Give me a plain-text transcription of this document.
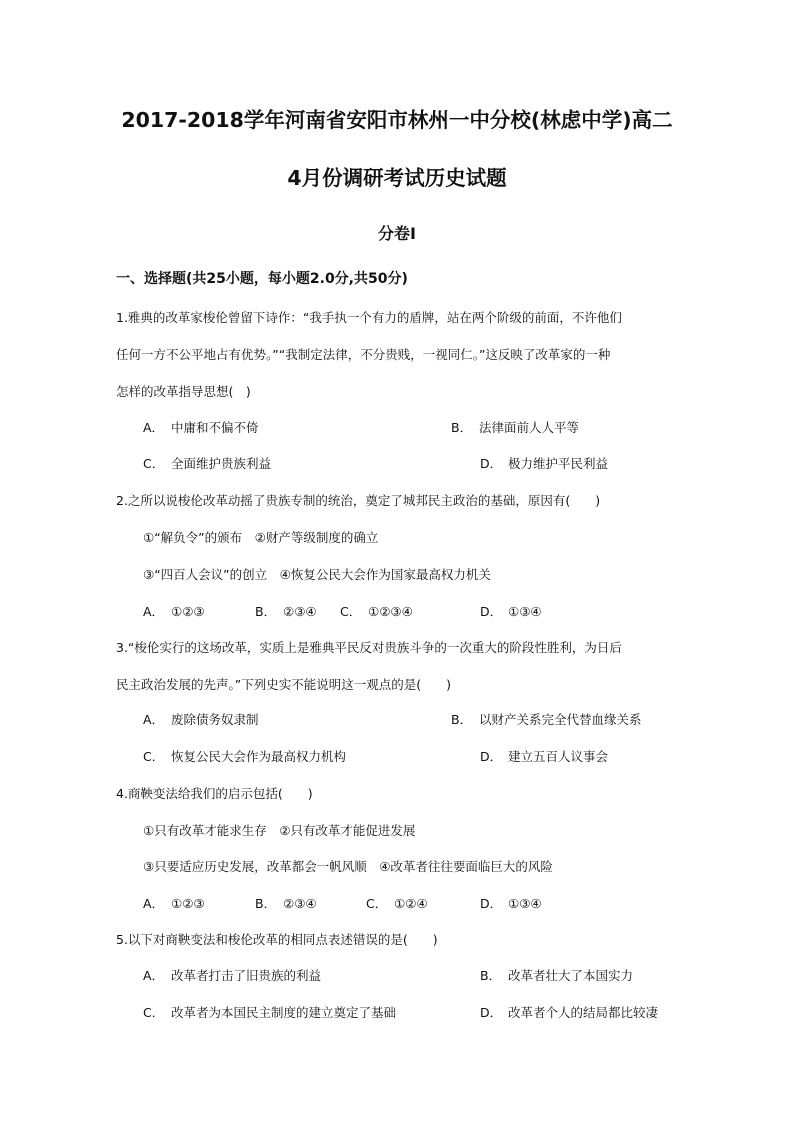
2017-2018学年河南省安阳市林州一中分校(林虑中学)高二
4月份调研考试历史试题
分卷I
一、选择题(共25小题，每小题2.0分,共50分)
1.雅典的改革家梭伦曾留下诗作：“我手执一个有力的盾牌，站在两个阶级的前面，不许他们
任何一方不公平地占有优势。”“我制定法律，不分贵贱，一视同仁。”这反映了改革家的一种
怎样的改革指导思想(　)
A． 中庸和不偏不倚	B． 法律面前人人平等
C． 全面维护贵族利益	D． 极力维护平民利益
2.之所以说梭伦改革动摇了贵族专制的统治，奠定了城邦民主政治的基础，原因有(　　)
①“解负令”的颁布　②财产等级制度的确立
③“四百人会议”的创立　④恢复公民大会作为国家最高权力机关
A． ①②③	B． ②③④ C． ①②③④	D． ①③④
3.“梭伦实行的这场改革，实质上是雅典平民反对贵族斗争的一次重大的阶段性胜利，为日后
民主政治发展的先声。”下列史实不能说明这一观点的是(　　)
A． 废除债务奴隶制	B． 以财产关系完全代替血缘关系
C． 恢复公民大会作为最高权力机构	D． 建立五百人议事会
4.商鞅变法给我们的启示包括(　　)
①只有改革才能求生存　②只有改革才能促进发展
③只要适应历史发展，改革都会一帆风顺　④改革者往往要面临巨大的风险
A． ①②③	B． ②③④	C． ①②④	D． ①③④
5.以下对商鞅变法和梭伦改革的相同点表述错误的是(　　)
A． 改革者打击了旧贵族的利益	B． 改革者壮大了本国实力
C． 改革者为本国民主制度的建立奠定了基础	D． 改革者个人的结局都比较凄
